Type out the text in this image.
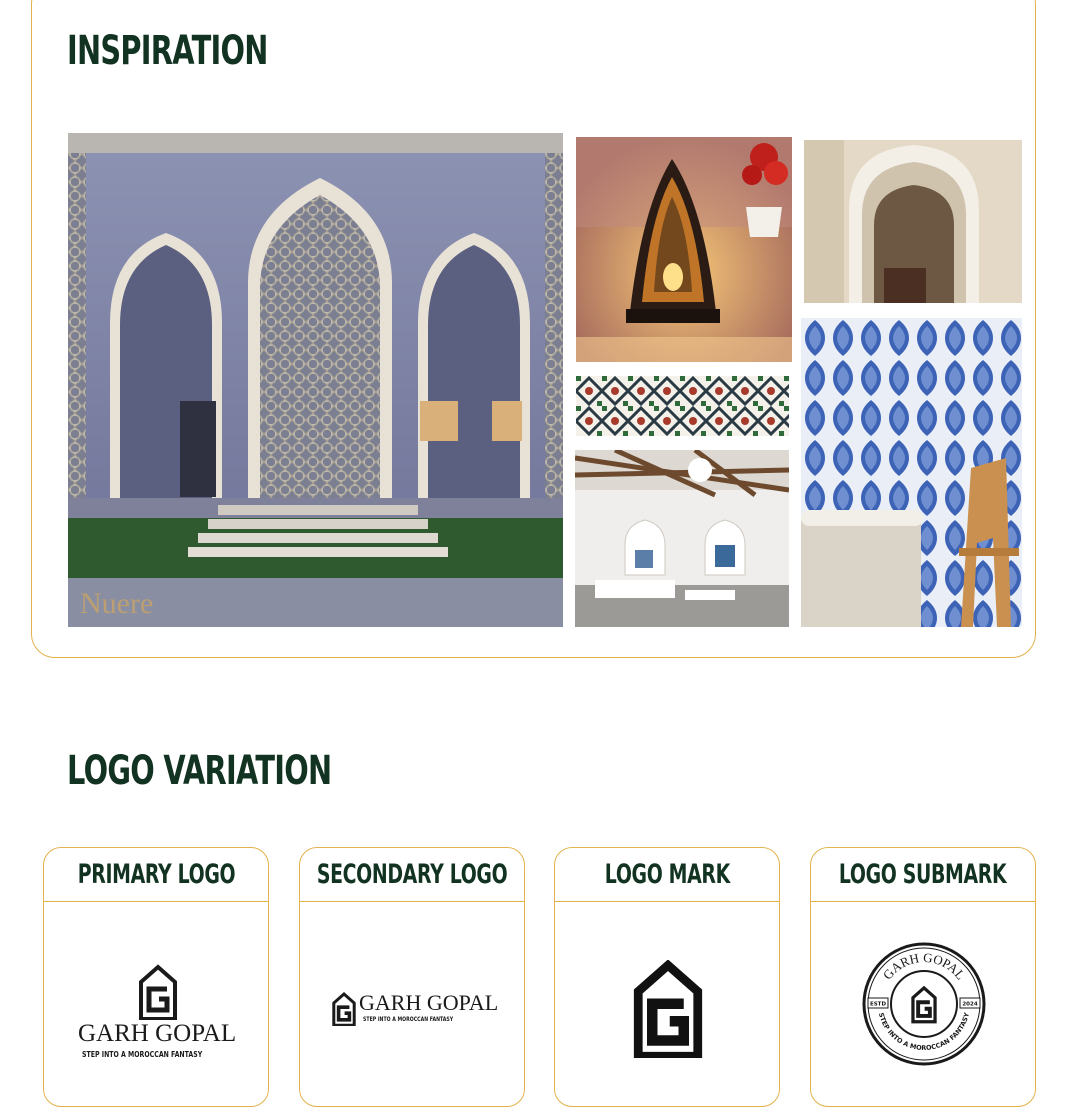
INSPIRATION
Nuere
LOGO VARIATION
PRIMARY LOGO
GARH GOPAL
STEP INTO A MOROCCAN FANTASY
SECONDARY LOGO
GARH GOPAL
STEP INTO A MOROCCAN FANTASY
LOGO MARK	LOGO SUBMARK
GARH GOPAL
STEP INTO A MOROCCAN FANTASY
ESTD	2024
